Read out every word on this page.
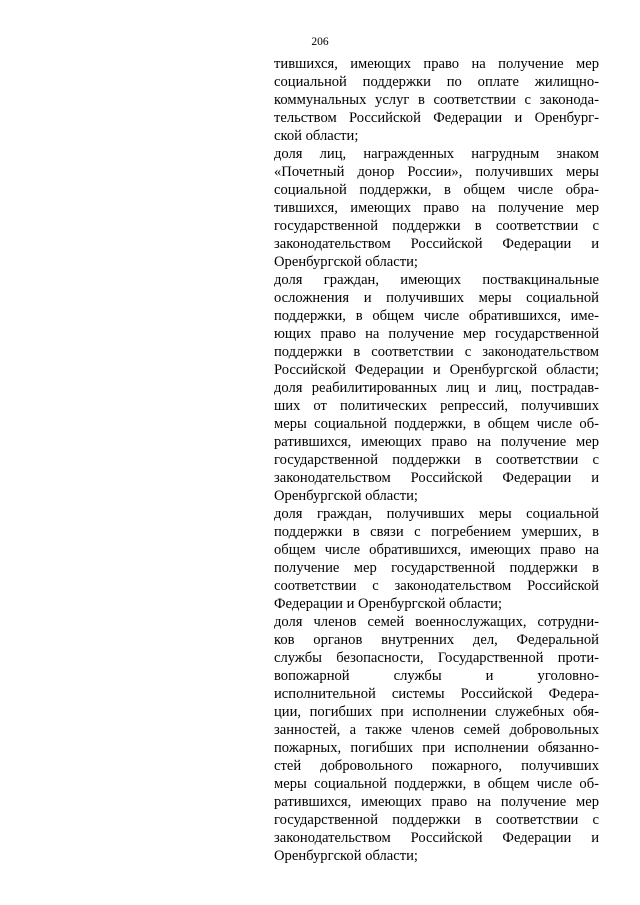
206
тившихся, имеющих право на получение мер
социальной поддержки по оплате жилищно-
коммунальных услуг в соответствии с законода-
тельством Российской Федерации и Оренбург-
ской области;
доля лиц, награжденных нагрудным знаком
«Почетный донор России», получивших меры
социальной поддержки, в общем числе обра-
тившихся, имеющих право на получение мер
государственной поддержки в соответствии с
законодательством Российской Федерации и
Оренбургской области;
доля граждан, имеющих поствакцинальные
осложнения и получивших меры социальной
поддержки, в общем числе обратившихся, име-
ющих право на получение мер государственной
поддержки в соответствии с законодательством
Российской Федерации и Оренбургской области;
доля реабилитированных лиц и лиц, пострадав-
ших от политических репрессий, получивших
меры социальной поддержки, в общем числе об-
ратившихся, имеющих право на получение мер
государственной поддержки в соответствии с
законодательством Российской Федерации и
Оренбургской области;
доля граждан, получивших меры социальной
поддержки в связи с погребением умерших, в
общем числе обратившихся, имеющих право на
получение мер государственной поддержки в
соответствии с законодательством Российской
Федерации и Оренбургской области;
доля членов семей военнослужащих, сотрудни-
ков органов внутренних дел, Федеральной
службы безопасности, Государственной проти-
вопожарной службы и уголовно-
исполнительной системы Российской Федера-
ции, погибших при исполнении служебных обя-
занностей, а также членов семей добровольных
пожарных, погибших при исполнении обязанно-
стей добровольного пожарного, получивших
меры социальной поддержки, в общем числе об-
ратившихся, имеющих право на получение мер
государственной поддержки в соответствии с
законодательством Российской Федерации и
Оренбургской области;
